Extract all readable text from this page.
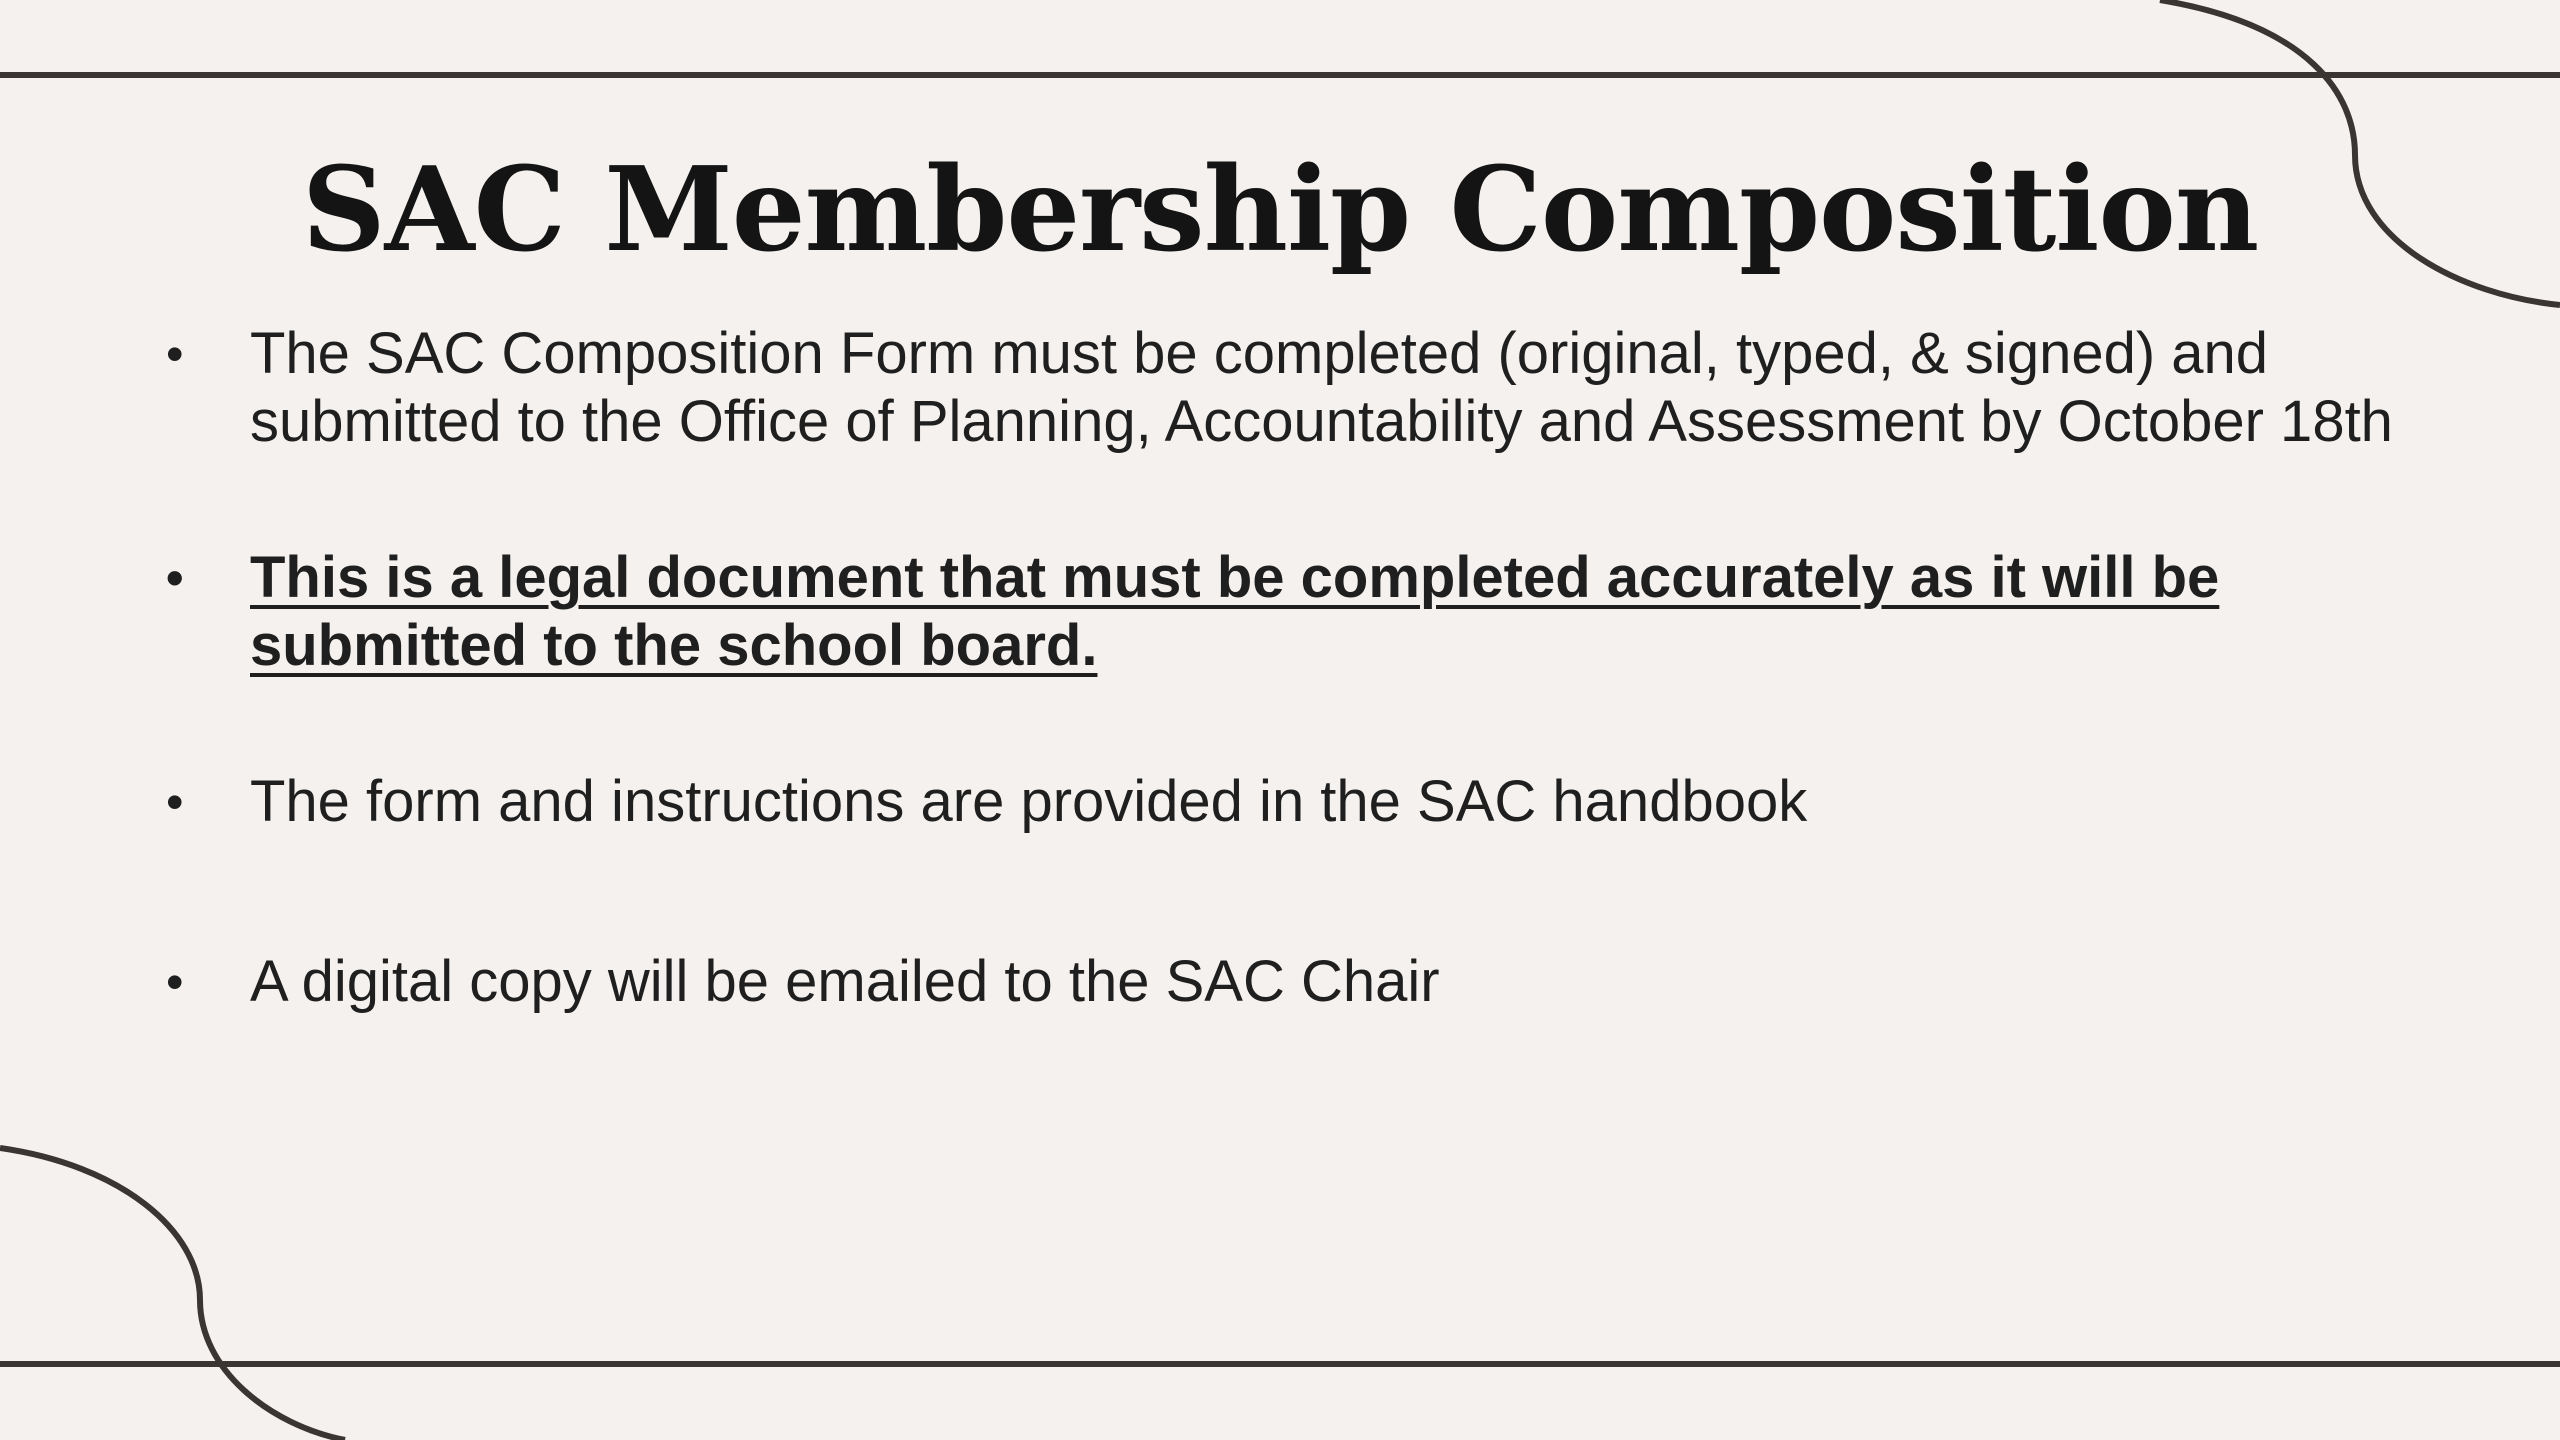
SAC Membership Composition
• The SAC Composition Form must be completed (original, typed, & signed) and submitted to the Office of Planning, Accountability and Assessment by October 18th
• This is a legal document that must be completed accurately as it will be submitted to the school board.
• The form and instructions are provided in the SAC handbook
• A digital copy will be emailed to the SAC Chair
